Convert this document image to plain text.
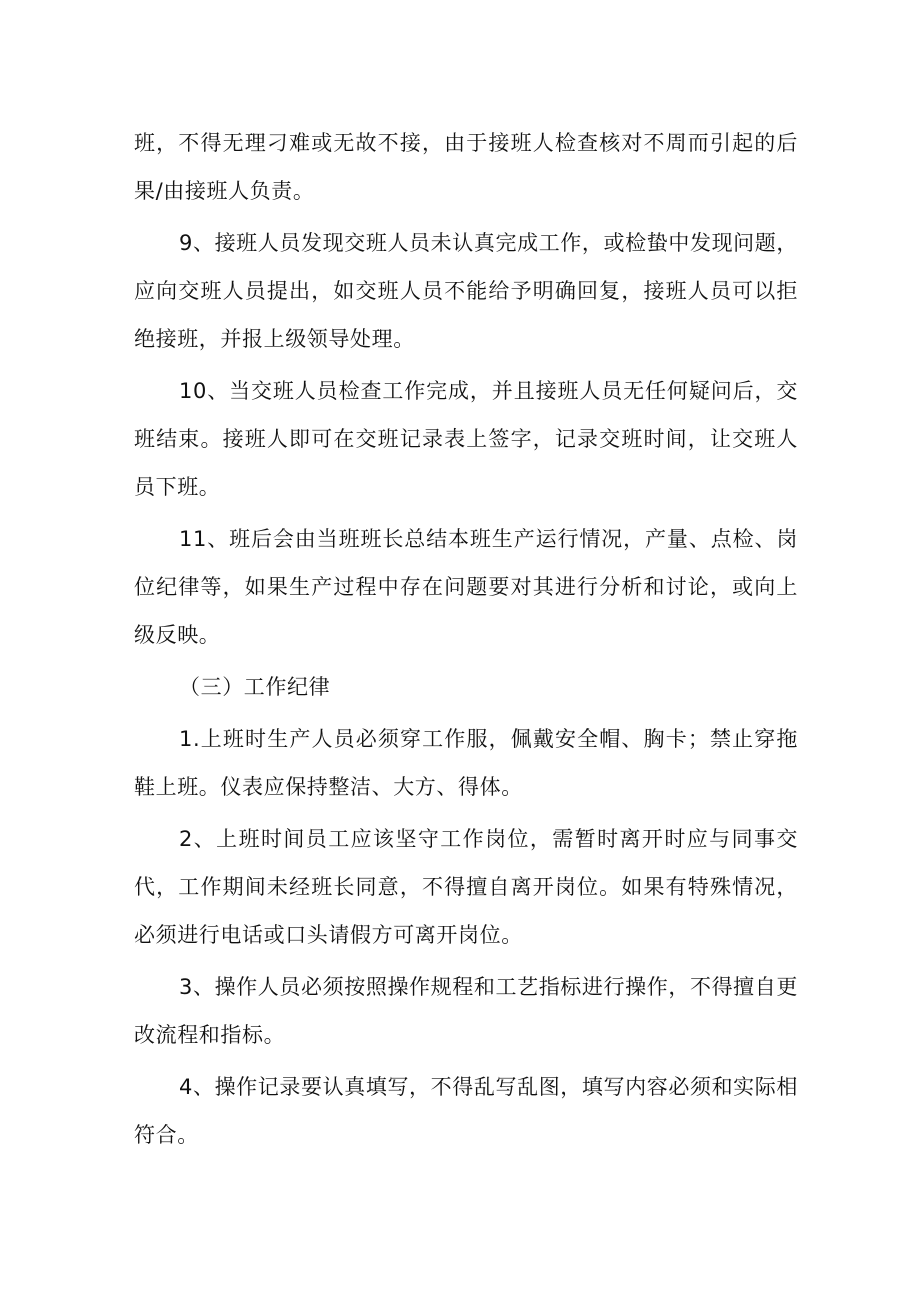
班，不得无理刁难或无故不接，由于接班人检查核对不周而引起的后果/由接班人负责。

9、接班人员发现交班人员未认真完成工作，或检蛰中发现问题，应向交班人员提出，如交班人员不能给予明确回复，接班人员可以拒绝接班，并报上级领导处理。

10、当交班人员检查工作完成，并且接班人员无任何疑问后，交班结束。接班人即可在交班记录表上签字，记录交班时间，让交班人员下班。

11、班后会由当班班长总结本班生产运行情况，产量、点检、岗位纪律等，如果生产过程中存在问题要对其进行分析和讨论，或向上级反映。

（三）工作纪律

1.上班时生产人员必须穿工作服，佩戴安全帽、胸卡；禁止穿拖鞋上班。仪表应保持整洁、大方、得体。

2、上班时间员工应该坚守工作岗位，需暂时离开时应与同事交代，工作期间未经班长同意，不得擅自离开岗位。如果有特殊情况，必须进行电话或口头请假方可离开岗位。

3、操作人员必须按照操作规程和工艺指标进行操作，不得擅自更改流程和指标。

4、操作记录要认真填写，不得乱写乱图，填写内容必须和实际相符合。
